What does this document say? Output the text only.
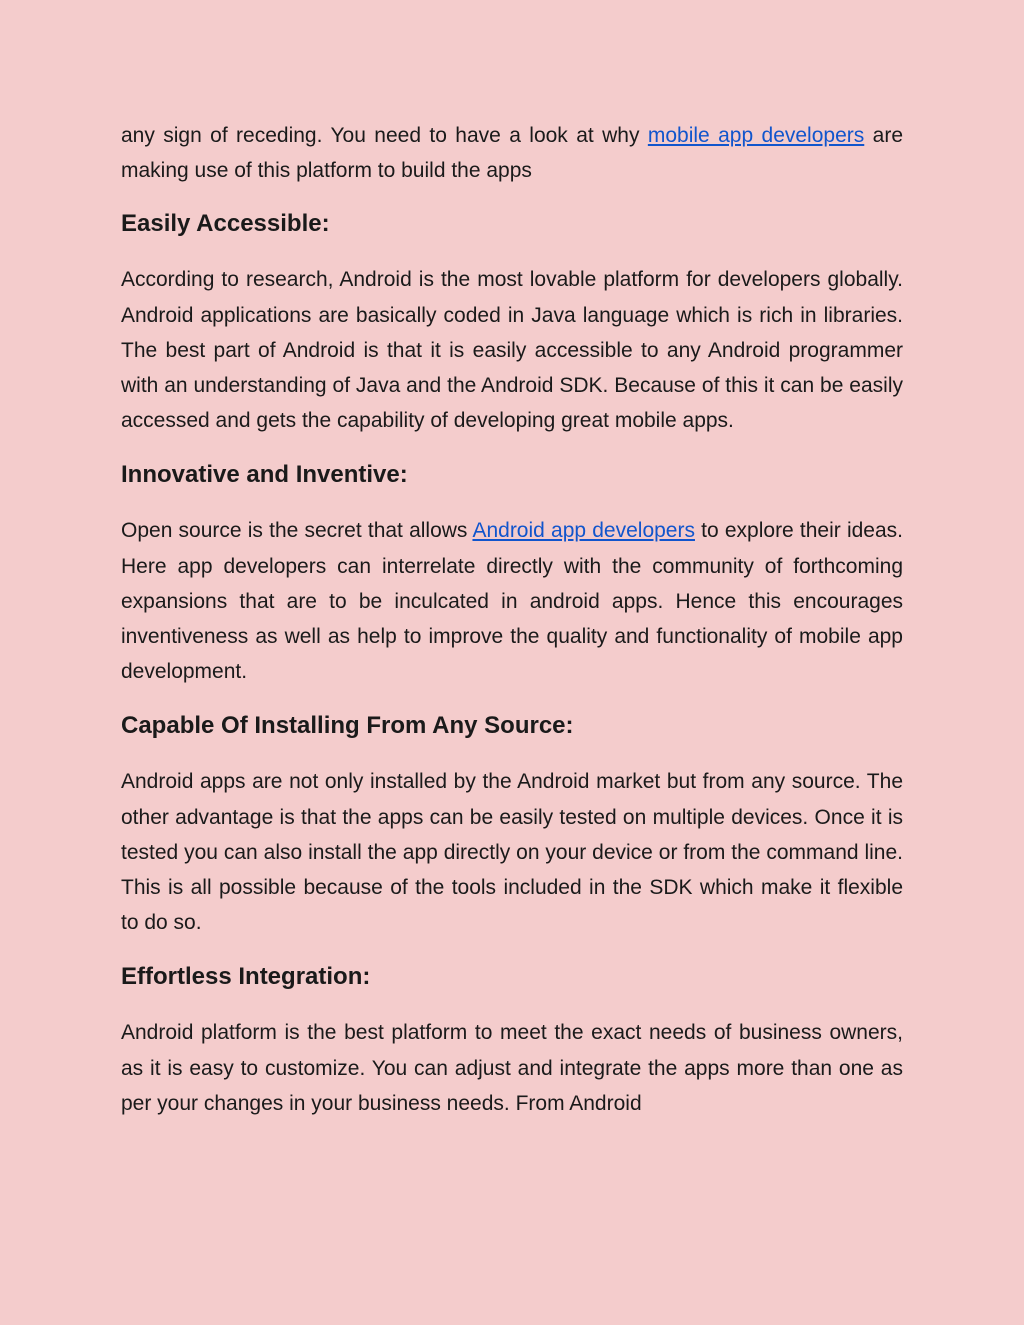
any sign of receding. You need to have a look at why mobile app developers are making use of this platform to build the apps

Easily Accessible:

According to research, Android is the most lovable platform for developers globally. Android applications are basically coded in Java language which is rich in libraries. The best part of Android is that it is easily accessible to any Android programmer with an understanding of Java and the Android SDK. Because of this it can be easily accessed and gets the capability of developing great mobile apps.

Innovative and Inventive:

Open source is the secret that allows Android app developers to explore their ideas. Here app developers can interrelate directly with the community of forthcoming expansions that are to be inculcated in android apps. Hence this encourages inventiveness as well as help to improve the quality and functionality of mobile app development.

Capable Of Installing From Any Source:

Android apps are not only installed by the Android market but from any source. The other advantage is that the apps can be easily tested on multiple devices. Once it is tested you can also install the app directly on your device or from the command line. This is all possible because of the tools included in the SDK which make it flexible to do so.

Effortless Integration:

Android platform is the best platform to meet the exact needs of business owners, as it is easy to customize. You can adjust and integrate the apps more than one as per your changes in your business needs. From Android
